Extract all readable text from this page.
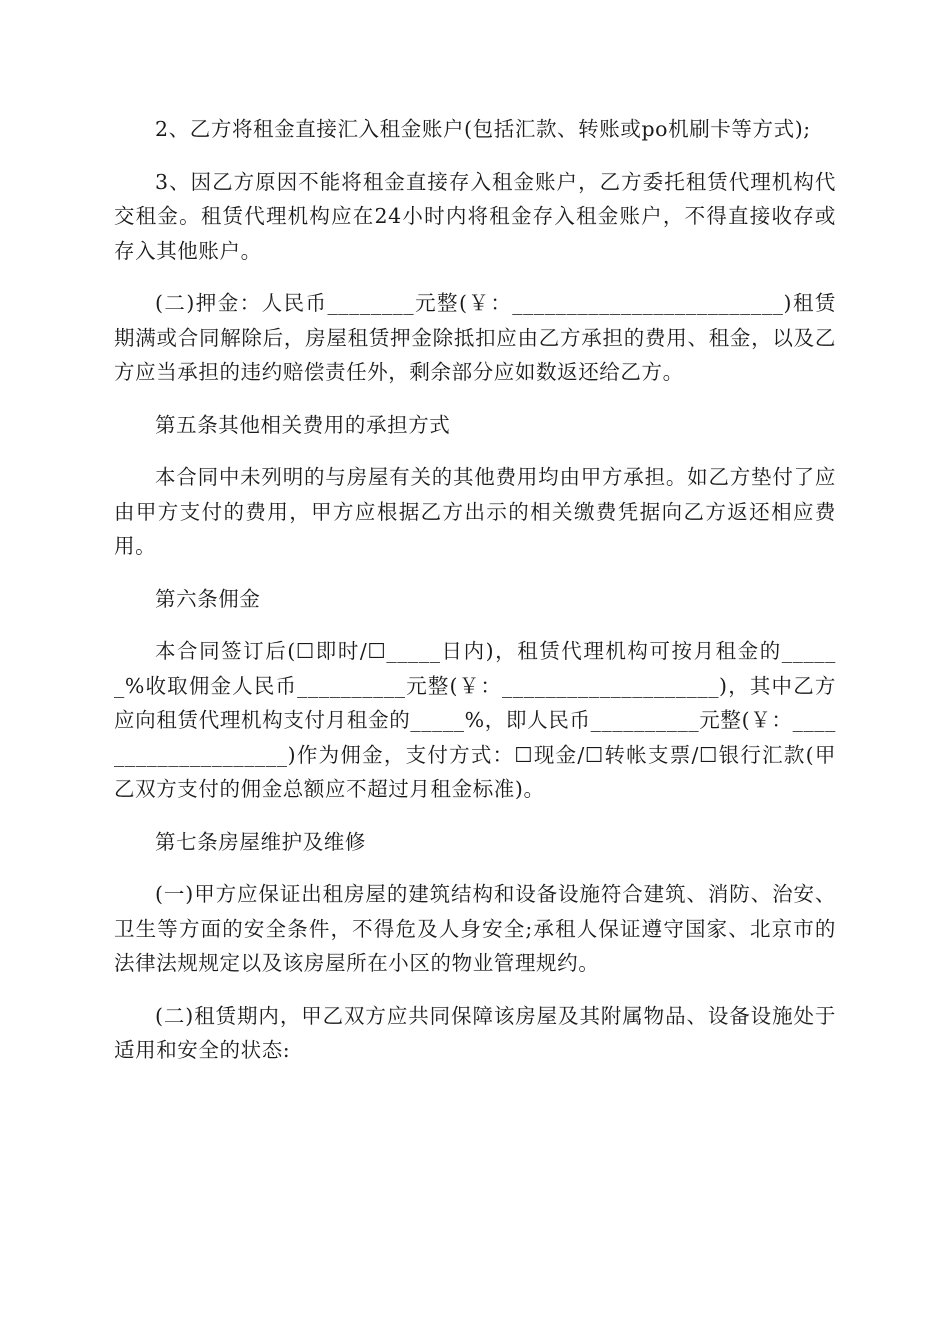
2、乙方将租金直接汇入租金账户(包括汇款、转账或po机刷卡等方式);

3、因乙方原因不能将租金直接存入租金账户，乙方委托租赁代理机构代交租金。租赁代理机构应在24小时内将租金存入租金账户，不得直接收存或存入其他账户。

(二)押金：人民币________元整(￥：_________________________)租赁期满或合同解除后，房屋租赁押金除抵扣应由乙方承担的费用、租金，以及乙方应当承担的违约赔偿责任外，剩余部分应如数返还给乙方。

第五条其他相关费用的承担方式

本合同中未列明的与房屋有关的其他费用均由甲方承担。如乙方垫付了应由甲方支付的费用，甲方应根据乙方出示的相关缴费凭据向乙方返还相应费用。

第六条佣金

本合同签订后(☐即时/☐_____日内)，租赁代理机构可按月租金的______%收取佣金人民币__________元整(￥：____________________)，其中乙方应向租赁代理机构支付月租金的_____%，即人民币__________元整(￥：____________________)作为佣金，支付方式：☐现金/☐转帐支票/☐银行汇款(甲乙双方支付的佣金总额应不超过月租金标准)。

第七条房屋维护及维修

(一)甲方应保证出租房屋的建筑结构和设备设施符合建筑、消防、治安、卫生等方面的安全条件，不得危及人身安全;承租人保证遵守国家、北京市的法律法规规定以及该房屋所在小区的物业管理规约。

(二)租赁期内，甲乙双方应共同保障该房屋及其附属物品、设备设施处于适用和安全的状态:
